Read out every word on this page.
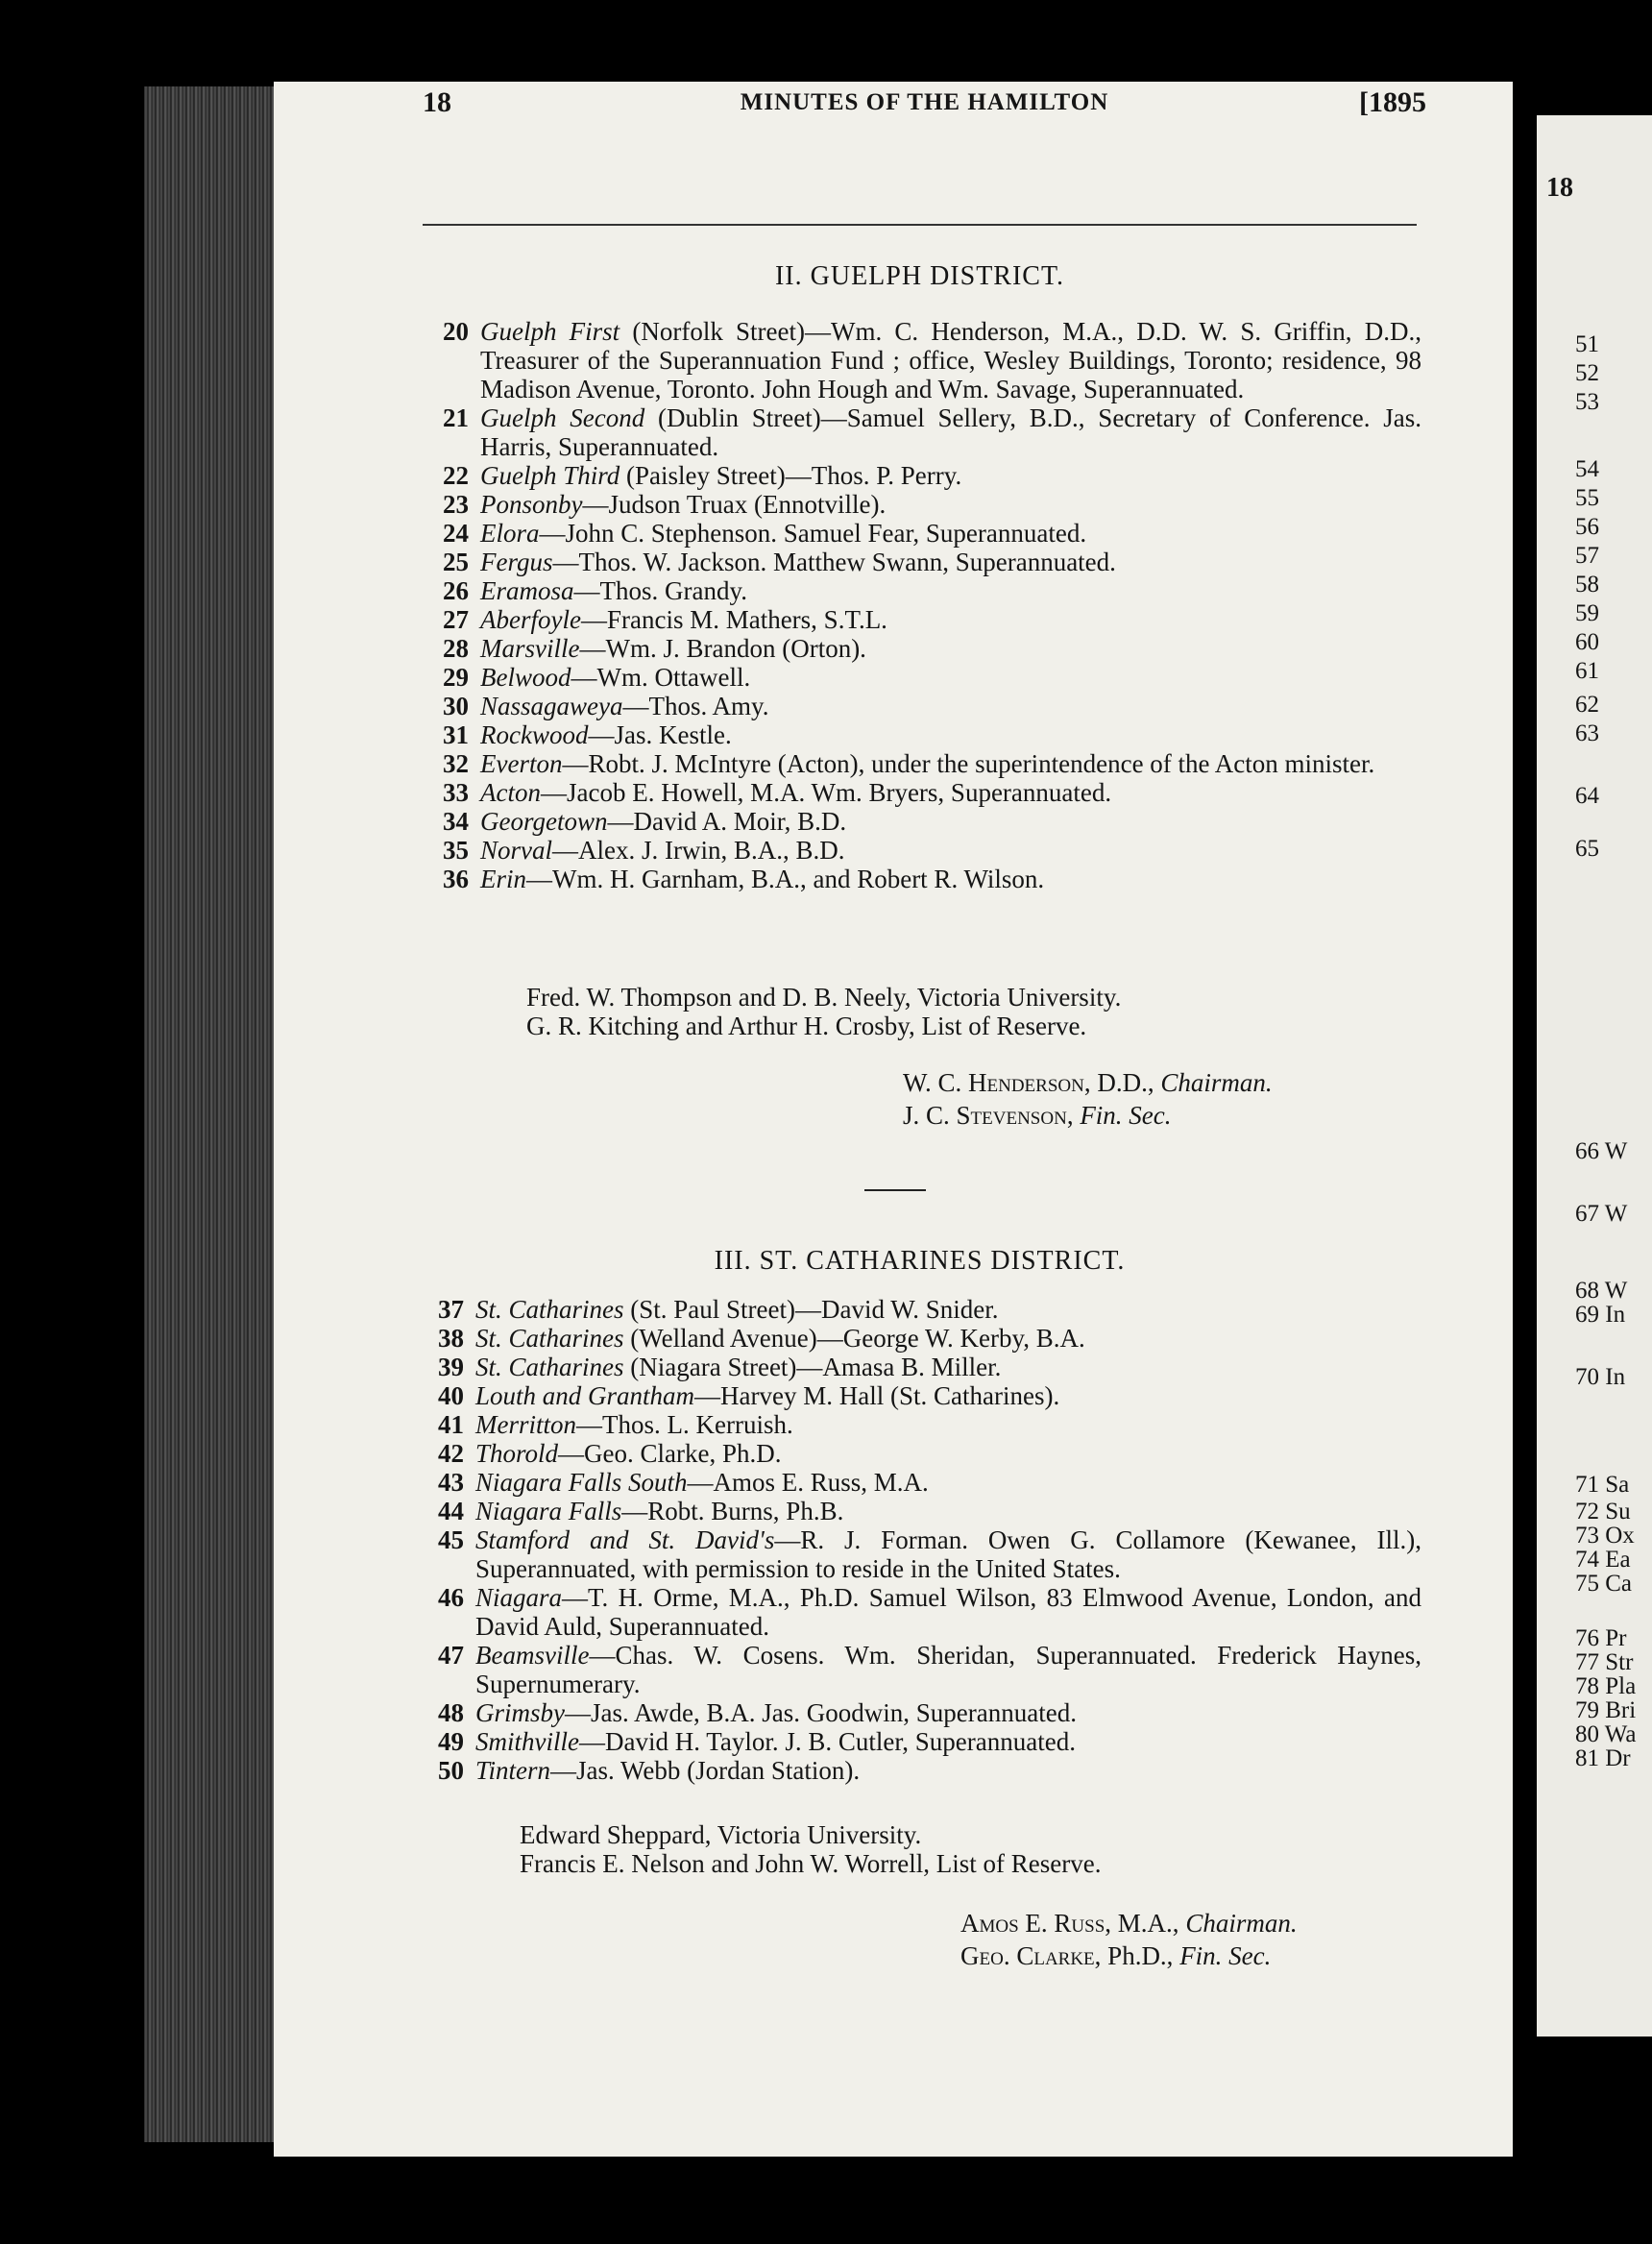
18
51
52
53
54
55
56
57
58
59
60
61
62
63
64
65
66 W
67 W
68 W
69 In
70 In
71 Sa
72 Su
73 Ox
74 Ea
75 Ca
76 Pr
77 Str
78 Pla
79 Bri
80 Wa
81 Dr
18	MINUTES OF THE HAMILTON	[1895
II. GUELPH DISTRICT.
20 Guelph First (Norfolk Street)—Wm. C. Henderson, M.A., D.D. W. S. Griffin, D.D., Treasurer of the Superannuation Fund ; office, Wesley Buildings, Toronto; residence, 98 Madison Avenue, Toronto. John Hough and Wm. Savage, Superannuated.
21 Guelph Second (Dublin Street)—Samuel Sellery, B.D., Secretary of Conference. Jas. Harris, Superannuated.
22 Guelph Third (Paisley Street)—Thos. P. Perry.
23 Ponsonby—Judson Truax (Ennotville).
24 Elora—John C. Stephenson. Samuel Fear, Superannuated.
25 Fergus—Thos. W. Jackson. Matthew Swann, Superannuated.
26 Eramosa—Thos. Grandy.
27 Aberfoyle—Francis M. Mathers, S.T.L.
28 Marsville—Wm. J. Brandon (Orton).
29 Belwood—Wm. Ottawell.
30 Nassagaweya—Thos. Amy.
31 Rockwood—Jas. Kestle.
32 Everton—Robt. J. McIntyre (Acton), under the superintendence of the Acton minister.
33 Acton—Jacob E. Howell, M.A. Wm. Bryers, Superannuated.
34 Georgetown—David A. Moir, B.D.
35 Norval—Alex. J. Irwin, B.A., B.D.
36 Erin—Wm. H. Garnham, B.A., and Robert R. Wilson.
Fred. W. Thompson and D. B. Neely, Victoria University.
G. R. Kitching and Arthur H. Crosby, List of Reserve.
W. C. Henderson, D.D., Chairman.
J. C. Stevenson, Fin. Sec.
III. ST. CATHARINES DISTRICT.
37 St. Catharines (St. Paul Street)—David W. Snider.
38 St. Catharines (Welland Avenue)—George W. Kerby, B.A.
39 St. Catharines (Niagara Street)—Amasa B. Miller.
40 Louth and Grantham—Harvey M. Hall (St. Catharines).
41 Merritton—Thos. L. Kerruish.
42 Thorold—Geo. Clarke, Ph.D.
43 Niagara Falls South—Amos E. Russ, M.A.
44 Niagara Falls—Robt. Burns, Ph.B.
45 Stamford and St. David's—R. J. Forman. Owen G. Collamore (Kewanee, Ill.), Superannuated, with permission to reside in the United States.
46 Niagara—T. H. Orme, M.A., Ph.D. Samuel Wilson, 83 Elmwood Avenue, London, and David Auld, Superannuated.
47 Beamsville—Chas. W. Cosens. Wm. Sheridan, Superannuated. Frederick Haynes, Supernumerary.
48 Grimsby—Jas. Awde, B.A. Jas. Goodwin, Superannuated.
49 Smithville—David H. Taylor. J. B. Cutler, Superannuated.
50 Tintern—Jas. Webb (Jordan Station).
Edward Sheppard, Victoria University.
Francis E. Nelson and John W. Worrell, List of Reserve.
Amos E. Russ, M.A., Chairman.
Geo. Clarke, Ph.D., Fin. Sec.
